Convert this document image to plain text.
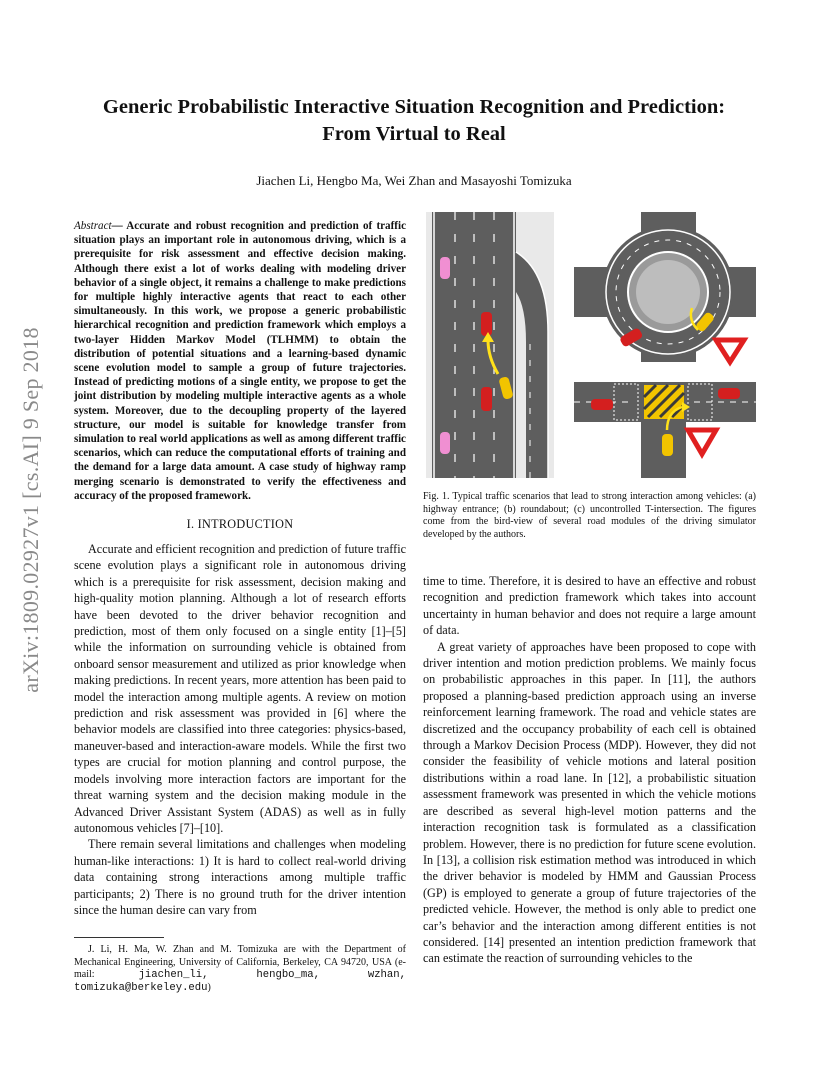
Generic Probabilistic Interactive Situation Recognition and Prediction:
From Virtual to Real
Jiachen Li, Hengbo Ma, Wei Zhan and Masayoshi Tomizuka
arXiv:1809.02927v1 [cs.AI] 9 Sep 2018
Abstract— Accurate and robust recognition and prediction of traffic situation plays an important role in autonomous driving, which is a prerequisite for risk assessment and effective decision making. Although there exist a lot of works dealing with modeling driver behavior of a single object, it remains a challenge to make predictions for multiple highly interactive agents that react to each other simultaneously. In this work, we propose a generic probabilistic hierarchical recognition and prediction framework which employs a two-layer Hidden Markov Model (TLHMM) to obtain the distribution of potential situations and a learning-based dynamic scene evolution model to sample a group of future trajectories. Instead of predicting motions of a single entity, we propose to get the joint distribution by modeling multiple interactive agents as a whole system. Moreover, due to the decoupling property of the layered structure, our model is suitable for knowledge transfer from simulation to real world applications as well as among different traffic scenarios, which can reduce the computational efforts of training and the demand for a large data amount. A case study of highway ramp merging scenario is demonstrated to verify the effectiveness and accuracy of the proposed framework.
I. INTRODUCTION

Accurate and efficient recognition and prediction of future traffic scene evolution plays a significant role in autonomous driving which is a prerequisite for risk assessment, decision making and high-quality motion planning. Although a lot of research efforts have been devoted to the driver behavior recognition and prediction, most of them only focused on a single entity [1]–[5] while the information on surrounding vehicle is obtained from onboard sensor measurement and utilized as prior knowledge when making predictions. In recent years, more attention has been paid to model the interaction among multiple agents. A review on motion prediction and risk assessment was provided in [6] where the behavior models are classified into three categories: physics-based, maneuver-based and interaction-aware models. While the first two types are crucial for motion planning and control purpose, the models involving more interaction factors are important for the threat warning system and the decision making module in the Advanced Driver Assistant System (ADAS) as well as in fully autonomous vehicles [7]–[10].

There remain several limitations and challenges when modeling human-like interactions: 1) It is hard to collect real-world driving data containing strong interactions among multiple traffic participants; 2) There is no ground truth for the driver intention since the human desire can vary from

J. Li, H. Ma, W. Zhan and M. Tomizuka are with the Department of Mechanical Engineering, University of California, Berkeley, CA 94720, USA (e-mail: jiachen_li, hengbo_ma, wzhan, tomizuka@berkeley.edu)
Fig. 1. Typical traffic scenarios that lead to strong interaction among vehicles: (a) highway entrance; (b) roundabout; (c) uncontrolled T-intersection. The figures come from the bird-view of several road modules of the driving simulator developed by the authors.

time to time. Therefore, it is desired to have an effective and robust recognition and prediction framework which takes into account uncertainty in human behavior and does not require a large amount of data.

A great variety of approaches have been proposed to cope with driver intention and motion prediction problems. We mainly focus on probabilistic approaches in this paper. In [11], the authors proposed a planning-based prediction approach using an inverse reinforcement learning framework. The road and vehicle states are discretized and the occupancy probability of each cell is obtained through a Markov Decision Process (MDP). However, they did not consider the feasibility of vehicle motions and lateral position distributions within a road lane. In [12], a probabilistic situation assessment framework was presented in which the vehicle motions are described as several high-level motion patterns and the interaction recognition task is formulated as a classification problem. However, there is no prediction for future scene evolution. In [13], a collision risk estimation method was introduced in which the driver behavior is modeled by HMM and Gaussian Process (GP) is employed to generate a group of future trajectories of the predicted vehicle. However, the method is only able to predict one car’s behavior and the interaction among different entities is not considered. [14] presented an intention prediction framework that can estimate the reaction of surrounding vehicles to the
